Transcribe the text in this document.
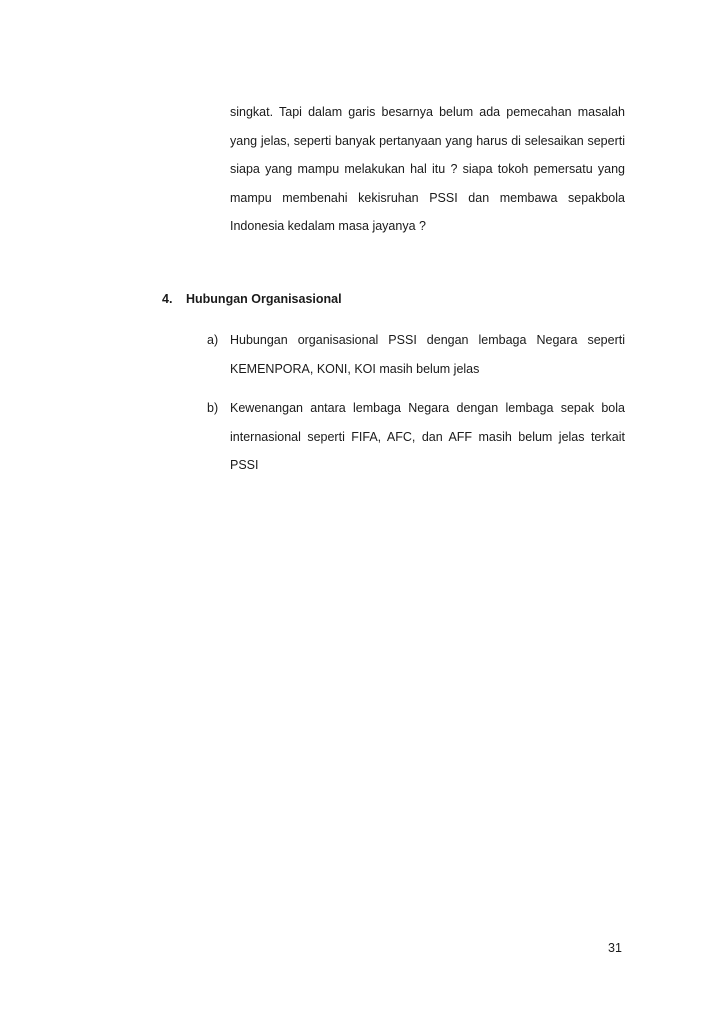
singkat. Tapi dalam garis besarnya belum ada pemecahan masalah yang jelas, seperti banyak pertanyaan yang harus di selesaikan seperti siapa yang mampu melakukan hal itu ? siapa tokoh pemersatu yang mampu membenahi kekisruhan PSSI dan membawa sepakbola Indonesia kedalam masa jayanya ?

4. Hubungan Organisasional

a) Hubungan organisasional PSSI dengan lembaga Negara seperti KEMENPORA, KONI, KOI masih belum jelas

b) Kewenangan antara lembaga Negara dengan lembaga sepak bola internasional seperti FIFA, AFC, dan AFF masih belum jelas terkait PSSI

31
